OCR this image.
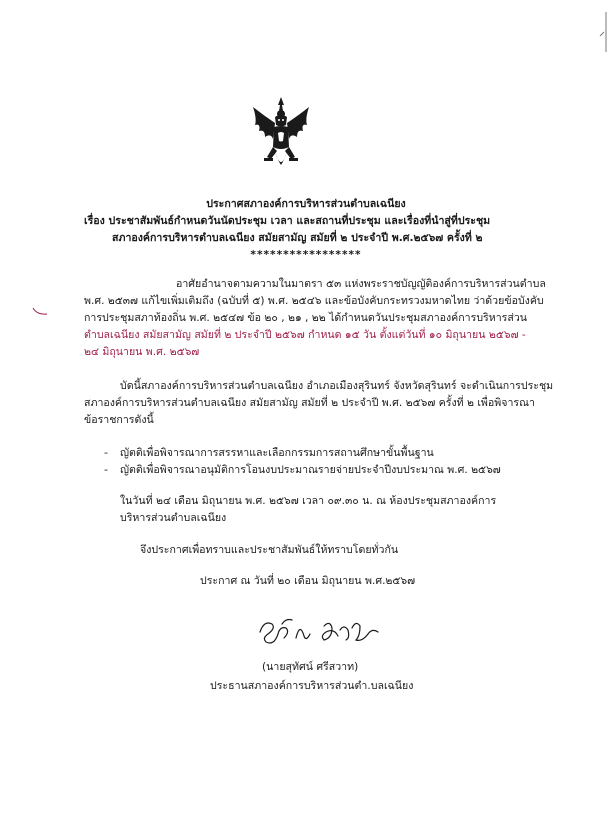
ประกาศสภาองค์การบริหารส่วนตำบลเฉนียง
เรื่อง ประชาสัมพันธ์กำหนดวันนัดประชุม เวลา และสถานที่ประชุม และเรื่องที่นำสู่ที่ประชุม
สภาองค์การบริหารตำบลเฉนียง สมัยสามัญ สมัยที่ ๒ ประจำปี พ.ศ.๒๕๖๗ ครั้งที่ ๒
*****************
อาศัยอำนาจตามความในมาตรา ๕๓ แห่งพระราชบัญญัติองค์การบริหารส่วนตำบล
พ.ศ. ๒๕๓๗ แก้ไขเพิ่มเติมถึง (ฉบับที่ ๕) พ.ศ. ๒๕๔๖ และข้อบังคับกระทรวงมหาดไทย ว่าด้วยข้อบังคับ
การประชุมสภาท้องถิ่น พ.ศ. ๒๕๔๗ ข้อ ๒๐ , ๒๑ , ๒๒ ได้กำหนดวันประชุมสภาองค์การบริหารส่วน
ตำบลเฉนียง สมัยสามัญ สมัยที่ ๒ ประจำปี ๒๕๖๗ กำหนด ๑๕ วัน ตั้งแต่วันที่ ๑๐ มิถุนายน ๒๕๖๗ -
๒๔ มิถุนายน พ.ศ. ๒๕๖๗
บัดนี้สภาองค์การบริหารส่วนตำบลเฉนียง อำเภอเมืองสุรินทร์ จังหวัดสุรินทร์ จะดำเนินการประชุม
สภาองค์การบริหารส่วนตำบลเฉนียง สมัยสามัญ สมัยที่ ๒ ประจำปี พ.ศ. ๒๕๖๗ ครั้งที่ ๒ เพื่อพิจารณา
ข้อราชการดังนี้
- ญัตติเพื่อพิจารณาการสรรหาและเลือกกรรมการสถานศึกษาขั้นพื้นฐาน
- ญัตติเพื่อพิจารณาอนุมัติการโอนงบประมาณรายจ่ายประจำปีงบประมาณ พ.ศ. ๒๕๖๗
ในวันที่ ๒๔ เดือน มิถุนายน พ.ศ. ๒๕๖๗ เวลา ๐๙.๓๐ น. ณ ห้องประชุมสภาองค์การ
บริหารส่วนตำบลเฉนียง
จึงประกาศเพื่อทราบและประชาสัมพันธ์ให้ทราบโดยทั่วกัน
ประกาศ ณ วันที่ ๒๐ เดือน มิถุนายน พ.ศ.๒๕๖๗
(นายสุทัศน์ ศรีสวาท)
ประธานสภาองค์การบริหารส่วนตำ.บลเฉนียง
